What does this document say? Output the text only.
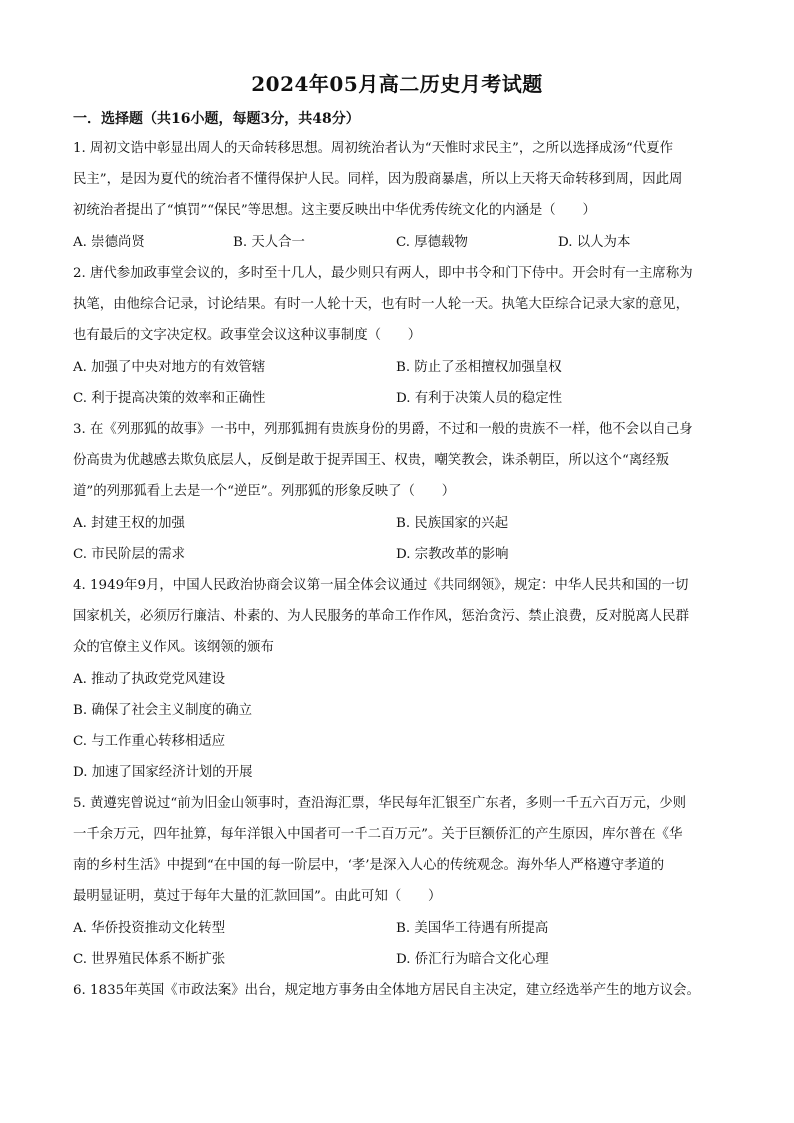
2024年05月高二历史月考试题
一．选择题（共16小题，每题3分，共48分）
1. 周初文诰中彰显出周人的天命转移思想。周初统治者认为“天惟时求民主”，之所以选择成汤“代夏作
民主”，是因为夏代的统治者不懂得保护人民。同样，因为殷商暴虐，所以上天将天命转移到周，因此周
初统治者提出了“慎罚”“保民”等思想。这主要反映出中华优秀传统文化的内涵是（　　）
A. 崇德尚贤	B. 天人合一	C. 厚德载物	D. 以人为本
2. 唐代参加政事堂会议的，多时至十几人，最少则只有两人，即中书令和门下侍中。开会时有一主席称为
执笔，由他综合记录，讨论结果。有时一人轮十天，也有时一人轮一天。执笔大臣综合记录大家的意见，
也有最后的文字决定权。政事堂会议这种议事制度（　　）
A. 加强了中央对地方的有效管辖	B. 防止了丞相擅权加强皇权
C. 利于提高决策的效率和正确性	D. 有利于决策人员的稳定性
3. 在《列那狐的故事》一书中，列那狐拥有贵族身份的男爵，不过和一般的贵族不一样，他不会以自己身
份高贵为优越感去欺负底层人，反倒是敢于捉弄国王、权贵，嘲笑教会，诛杀朝臣，所以这个“离经叛
道”的列那狐看上去是一个“逆臣”。列那狐的形象反映了（　　）
A. 封建王权的加强	B. 民族国家的兴起
C. 市民阶层的需求	D. 宗教改革的影响
4. 1949年9月，中国人民政治协商会议第一届全体会议通过《共同纲领》，规定：中华人民共和国的一切
国家机关，必须厉行廉洁、朴素的、为人民服务的革命工作作风，惩治贪污、禁止浪费，反对脱离人民群
众的官僚主义作风。该纲领的颁布
A. 推动了执政党党风建设
B. 确保了社会主义制度的确立
C. 与工作重心转移相适应
D. 加速了国家经济计划的开展
5. 黄遵宪曾说过“前为旧金山领事时，查沿海汇票，华民每年汇银至广东者，多则一千五六百万元，少则
一千余万元，四年扯算，每年洋银入中国者可一千二百万元”。关于巨额侨汇的产生原因，库尔普在《华
南的乡村生活》中提到“在中国的每一阶层中，‘孝’是深入人心的传统观念。海外华人严格遵守孝道的
最明显证明，莫过于每年大量的汇款回国”。由此可知（　　）
A. 华侨投资推动文化转型	B. 美国华工待遇有所提高
C. 世界殖民体系不断扩张	D. 侨汇行为暗合文化心理
6. 1835年英国《市政法案》出台，规定地方事务由全体地方居民自主决定，建立经选举产生的地方议会。
